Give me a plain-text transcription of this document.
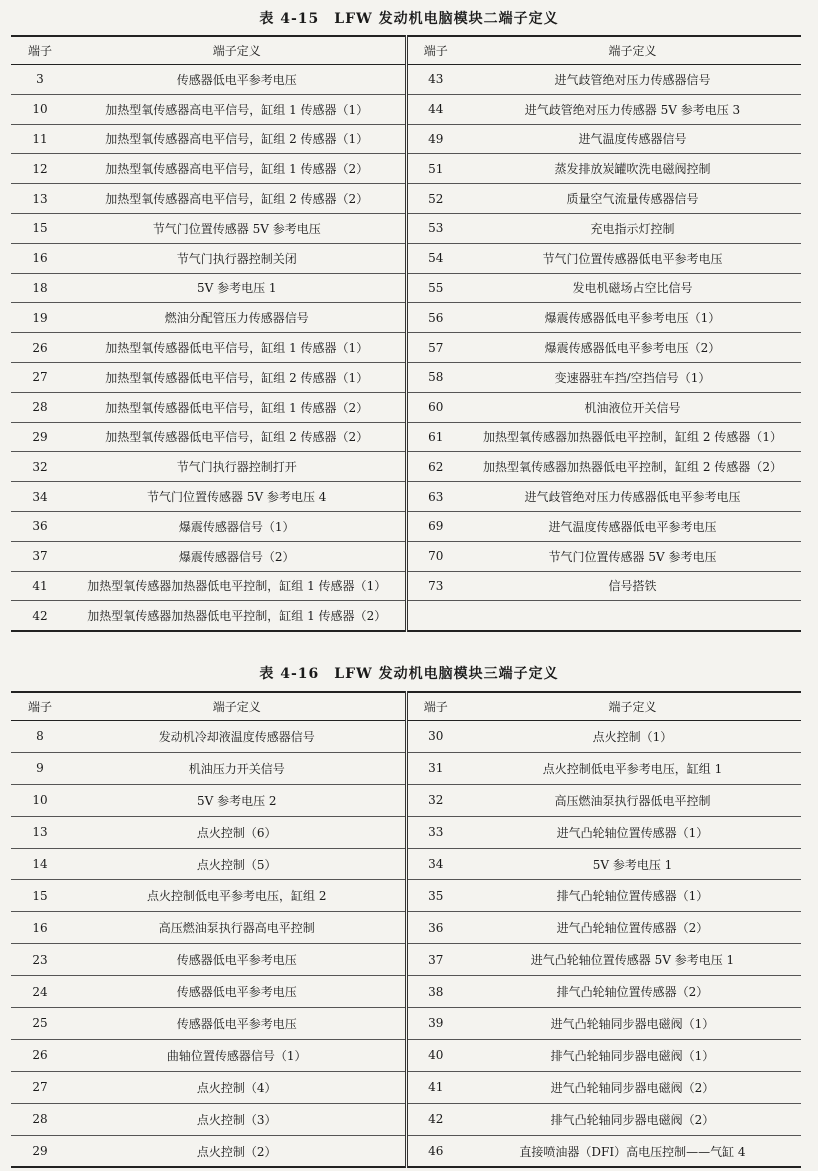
表 4-15　LFW 发动机电脑模块二端子定义
端子	端子定义	端子	端子定义
3	传感器低电平参考电压	43	进气歧管绝对压力传感器信号
10	加热型氧传感器高电平信号，缸组 1 传感器（1）	44	进气歧管绝对压力传感器 5V 参考电压 3
11	加热型氧传感器高电平信号，缸组 2 传感器（1）	49	进气温度传感器信号
12	加热型氧传感器高电平信号，缸组 1 传感器（2）	51	蒸发排放炭罐吹洗电磁阀控制
13	加热型氧传感器高电平信号，缸组 2 传感器（2）	52	质量空气流量传感器信号
15	节气门位置传感器 5V 参考电压	53	充电指示灯控制
16	节气门执行器控制关闭	54	节气门位置传感器低电平参考电压
18	5V 参考电压 1	55	发电机磁场占空比信号
19	燃油分配管压力传感器信号	56	爆震传感器低电平参考电压（1）
26	加热型氧传感器低电平信号，缸组 1 传感器（1）	57	爆震传感器低电平参考电压（2）
27	加热型氧传感器低电平信号，缸组 2 传感器（1）	58	变速器驻车挡/空挡信号（1）
28	加热型氧传感器低电平信号，缸组 1 传感器（2）	60	机油液位开关信号
29	加热型氧传感器低电平信号，缸组 2 传感器（2）	61	加热型氧传感器加热器低电平控制，缸组 2 传感器（1）
32	节气门执行器控制打开	62	加热型氧传感器加热器低电平控制，缸组 2 传感器（2）
34	节气门位置传感器 5V 参考电压 4	63	进气歧管绝对压力传感器低电平参考电压
36	爆震传感器信号（1）	69	进气温度传感器低电平参考电压
37	爆震传感器信号（2）	70	节气门位置传感器 5V 参考电压
41	加热型氧传感器加热器低电平控制，缸组 1 传感器（1）	73	信号搭铁
42	加热型氧传感器加热器低电平控制，缸组 1 传感器（2）		
表 4-16　LFW 发动机电脑模块三端子定义
端子	端子定义	端子	端子定义
8	发动机冷却液温度传感器信号	30	点火控制（1）
9	机油压力开关信号	31	点火控制低电平参考电压，缸组 1
10	5V 参考电压 2	32	高压燃油泵执行器低电平控制
13	点火控制（6）	33	进气凸轮轴位置传感器（1）
14	点火控制（5）	34	5V 参考电压 1
15	点火控制低电平参考电压，缸组 2	35	排气凸轮轴位置传感器（1）
16	高压燃油泵执行器高电平控制	36	进气凸轮轴位置传感器（2）
23	传感器低电平参考电压	37	进气凸轮轴位置传感器 5V 参考电压 1
24	传感器低电平参考电压	38	排气凸轮轴位置传感器（2）
25	传感器低电平参考电压	39	进气凸轮轴同步器电磁阀（1）
26	曲轴位置传感器信号（1）	40	排气凸轮轴同步器电磁阀（1）
27	点火控制（4）	41	进气凸轮轴同步器电磁阀（2）
28	点火控制（3）	42	排气凸轮轴同步器电磁阀（2）
29	点火控制（2）	46	直接喷油器（DFI）高电压控制——气缸 4
